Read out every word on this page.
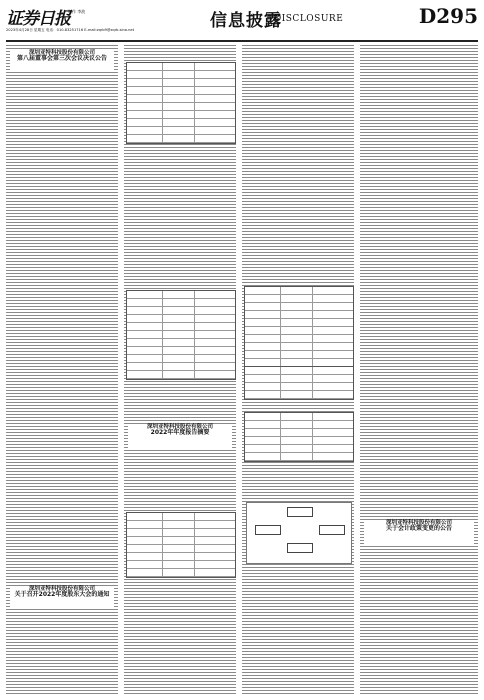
证券日报
制作 李波
2023年4月28日 星期五 电话：010-83251716 E-mail:zqrb9@zqrb.sina.net	信息披露
DISCLOSURE	D295
深圳亚特科技股份有限公司
第八届董事会第三次会议决议公告
深圳亚特科技股份有限公司
关于召开2022年度股东大会的通知
深圳亚特科技股份有限公司
2022年年度报告摘要
深圳亚特科技股份有限公司
关于会计政策变更的公告
